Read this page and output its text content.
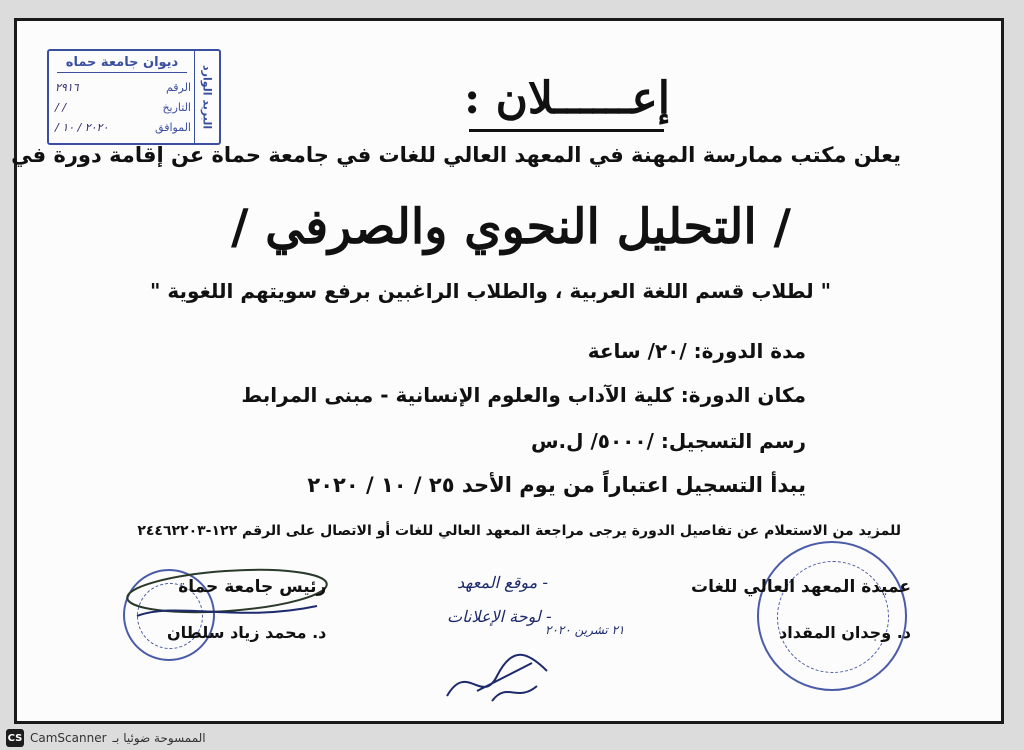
ديوان جامعة حماه
البريد الوارد
الرقم
٢٩١٦
التاريخ
/ /
الموافق
٢٠٢٠ / ١٠ /
إعــــــلان :
يعلن مكتب ممارسة المهنة في المعهد العالي للغات في جامعة حماة عن إقامة دورة في
/ التحليل النحوي والصرفي /
" لطلاب قسم اللغة العربية ، والطلاب الراغبين برفع سويتهم اللغوية "
مدة الدورة: /٢٠/ ساعة
مكان الدورة: كلية الآداب والعلوم الإنسانية - مبنى المرابط
رسم التسجيل: /٥٠٠٠/ ل.س
يبدأ التسجيل اعتباراً من يوم الأحد ٢٥ / ١٠ / ٢٠٢٠
للمزيد من الاستعلام عن تفاصيل الدورة يرجى مراجعة المعهد العالي للغات أو الاتصال على الرقم ١٢٢-٢٤٤٦٢٢٠٣
عميدة المعهد العالي للغات
د. وجدان المقداد
- موقع المعهد
- لوحة الإعلانات
٢١ تشرين ٢٠٢٠
رئيس جامعة حماة
د. محمد زياد سلطان
CS CamScanner الممسوحة ضوئيا بـ
